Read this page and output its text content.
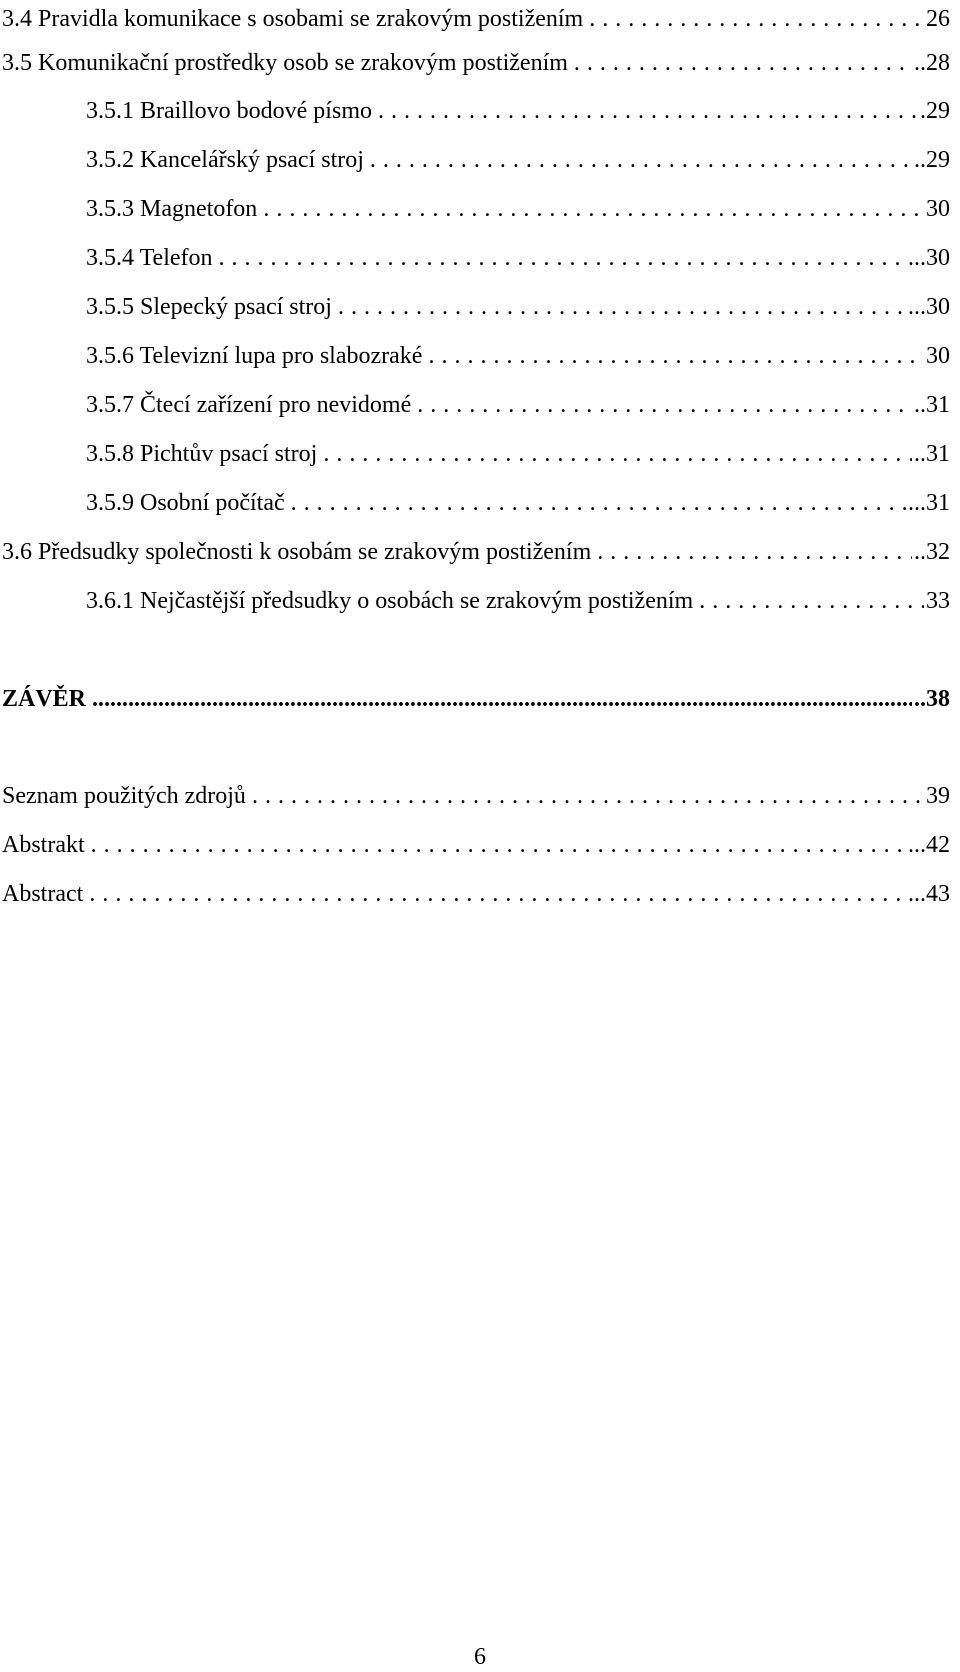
3.4 Pravidla komunikace s osobami se zrakovým postižením . . .	26
3.5 Komunikační prostředky osob se zrakovým postižením . . .	..28
3.5.1 Braillovo bodové písmo . . .	.29
3.5.2 Kancelářský psací stroj . . .	..29
3.5.3 Magnetofon . . .	30
3.5.4 Telefon . . .	...30
3.5.5 Slepecký psací stroj . . .	...30
3.5.6 Televizní lupa pro slabozraké . . .	30
3.5.7 Čtecí zařízení pro nevidomé . . .	..31
3.5.8 Pichtův psací stroj . . .	..31
3.5.9 Osobní počítač . . .	...31
3.6 Předsudky společnosti k osobám se zrakovým postižením . . .	..32
3.6.1 Nejčastější předsudky o osobách se zrakovým postižením . . .	33
ZÁVĚR .....	..38
Seznam použitých zdrojů . . .	39
Abstrakt . . .	...42
Abstract . . .	...43
6
